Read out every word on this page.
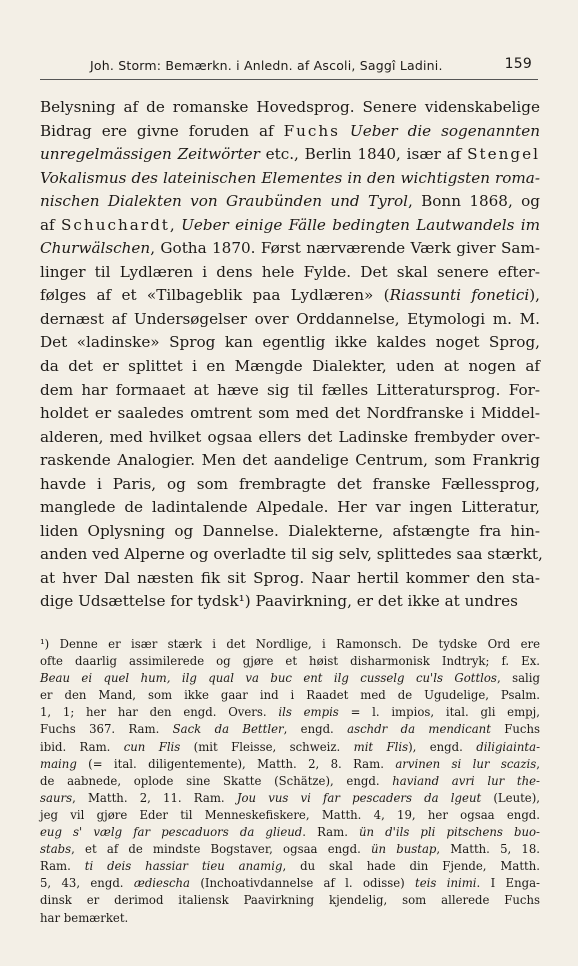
Joh. Storm: Bemærkn. i Anledn. af Ascoli, Saggî Ladini.	159
Belysning af de romanske Hovedsprog. Senere videnskabelige
Bidrag ere givne foruden af Fuchs Ueber die sogenannten
unregelmässigen Zeitwörter etc., Berlin 1840, især af Stengel
Vokalismus des lateinischen Elementes in den wichtigsten roma-
nischen Dialekten von Graubünden und Tyrol, Bonn 1868, og
af Schuchardt, Ueber einige Fälle bedingten Lautwandels im
Churwälschen, Gotha 1870. Først nærværende Værk giver Sam-
linger til Lydlæren i dens hele Fylde. Det skal senere efter-
følges af et «Tilbageblik paa Lydlæren» (Riassunti fonetici),
dernæst af Undersøgelser over Orddannelse, Etymologi m. M.
Det «ladinske» Sprog kan egentlig ikke kaldes noget Sprog,
da det er splittet i en Mængde Dialekter, uden at nogen af
dem har formaaet at hæve sig til fælles Litteratursprog. For-
holdet er saaledes omtrent som med det Nordfranske i Middel-
alderen, med hvilket ogsaa ellers det Ladinske frembyder over-
raskende Analogier. Men det aandelige Centrum, som Frankrig
havde i Paris, og som frembragte det franske Fællessprog,
manglede de ladintalende Alpedale. Her var ingen Litteratur,
liden Oplysning og Dannelse. Dialekterne, afstængte fra hin-
anden ved Alperne og overladte til sig selv, splittedes saa stærkt,
at hver Dal næsten fik sit Sprog. Naar hertil kommer den sta-
dige Udsættelse for tydsk¹) Paavirkning, er det ikke at undres
¹) Denne er især stærk i det Nordlige, i Ramonsch. De tydske Ord ere
ofte daarlig assimilerede og gjøre et høist disharmonisk Indtryk; f. Ex.
Beau ei quel hum, ilg qual va buc ent ilg cusselg cu'ls Gottlos, salig
er den Mand, som ikke gaar ind i Raadet med de Ugudelige, Psalm.
1, 1; her har den engd. Overs. ils empis = l. impios, ital. gli empj,
Fuchs 367. Ram. Sack da Bettler, engd. aschdr da mendicant Fuchs
ibid. Ram. cun Flis (mit Fleisse, schweiz. mit Flis), engd. diligiainta-
maing (= ital. diligentemente), Matth. 2, 8. Ram. arvinen si lur scazis,
de aabnede, oplode sine Skatte (Schätze), engd. haviand avri lur the-
saurs, Matth. 2, 11. Ram. Jou vus vi far pescaders da lgeut (Leute),
jeg vil gjøre Eder til Menneskefiskere, Matth. 4, 19, her ogsaa engd.
eug s' vælg far pescaduors da glieud. Ram. ün d'ils pli pitschens buo-
stabs, et af de mindste Bogstaver, ogsaa engd. ün bustap, Matth. 5, 18.
Ram. ti deis hassiar tieu anamig, du skal hade din Fjende, Matth.
5, 43, engd. ædiescha (Inchoativdannelse af l. odisse) teis inimi. I Enga-
dinsk er derimod italiensk Paavirkning kjendelig, som allerede Fuchs
har bemærket.
